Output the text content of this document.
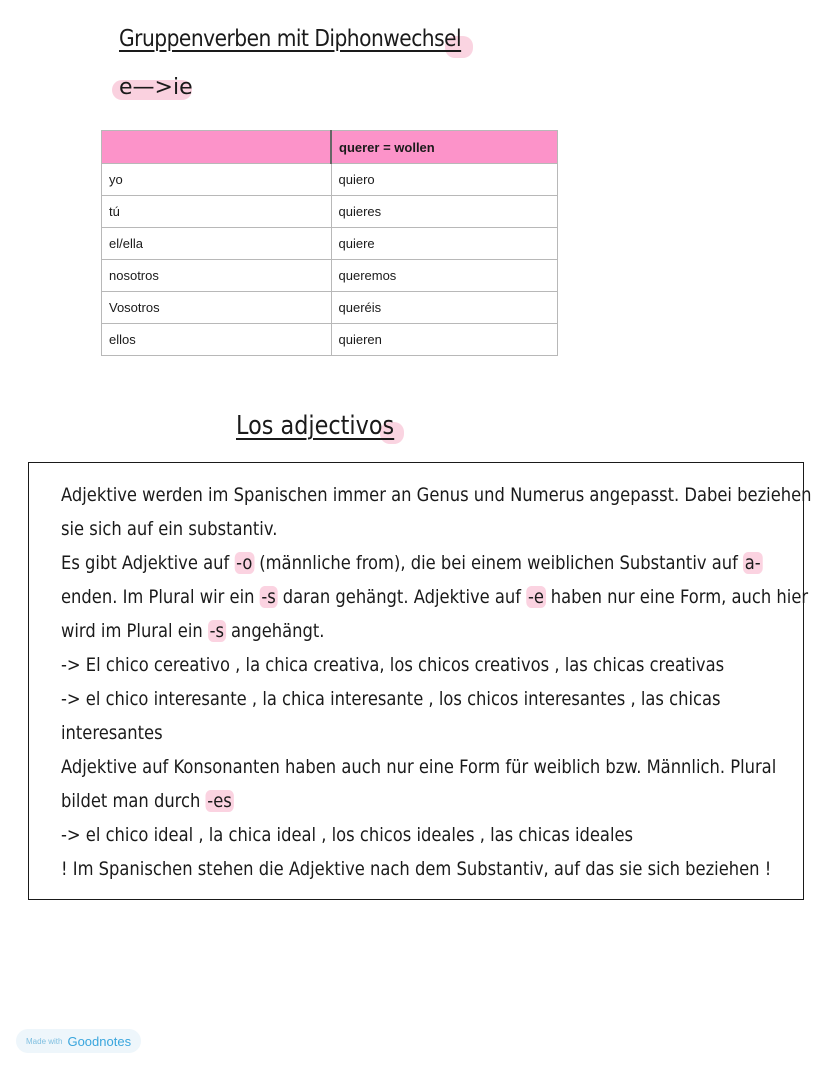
Gruppenverben mit Diphonwechsel
e—>ie
	querer = wollen
yo	quiero
tú	quieres
el/ella	quiere
nosotros	queremos
Vosotros	queréis
ellos	quieren
Los adjectivos
Adjektive werden im Spanischen immer an Genus und Numerus angepasst. Dabei beziehen
sie sich auf ein substantiv.
Es gibt Adjektive auf -o (männliche from), die bei einem weiblichen Substantiv auf a-
enden. Im Plural wir ein -s daran gehängt. Adjektive auf -e haben nur eine Form, auch hier
wird im Plural ein -s angehängt.
-> El chico cereativo , la chica creativa, los chicos creativos , las chicas creativas
-> el chico interesante , la chica interesante , los chicos interesantes , las chicas
interesantes
Adjektive auf Konsonanten haben auch nur eine Form für weiblich bzw. Männlich. Plural
bildet man durch -es
-> el chico ideal , la chica ideal , los chicos ideales , las chicas ideales
! Im Spanischen stehen die Adjektive nach dem Substantiv, auf das sie sich beziehen !
Made with Goodnotes
